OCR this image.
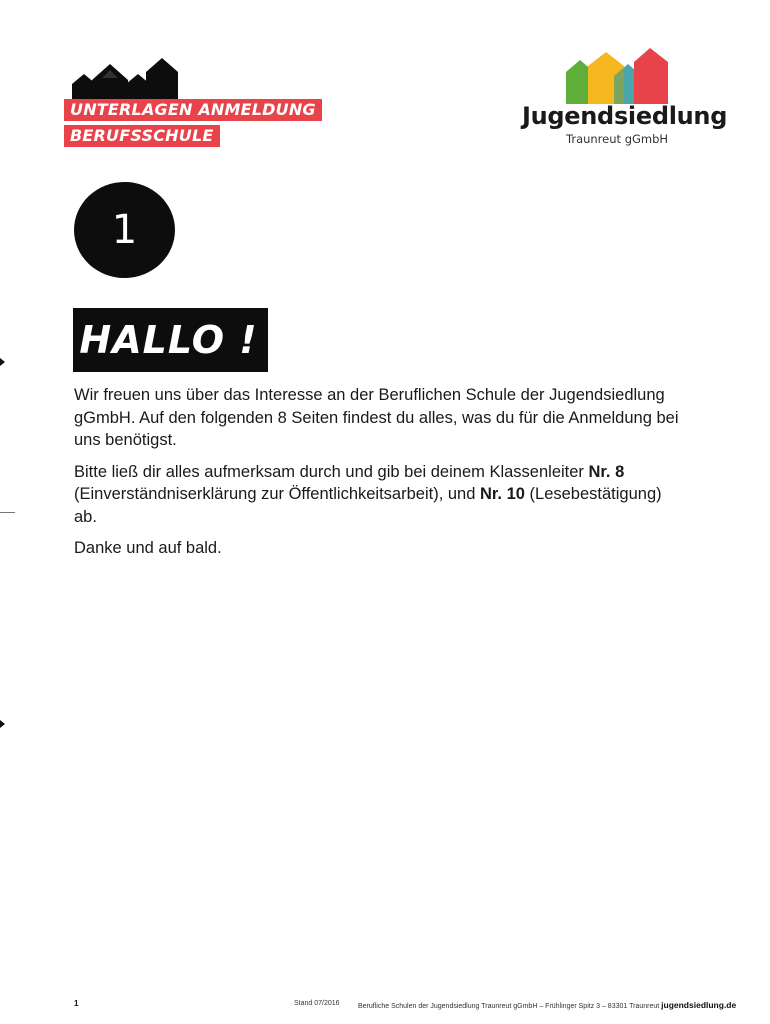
UNTERLAGEN ANMELDUNG
BERUFSSCHULE
Jugendsiedlung
Traunreut gGmbH
1
HALLO !

Wir freuen uns über das Interesse an der Beruflichen Schule der Jugendsiedlung gGmbH. Auf den folgenden 8 Seiten findest du alles, was du für die Anmeldung bei uns benötigst.

Bitte ließ dir alles aufmerksam durch und gib bei deinem Klassenleiter Nr. 8 (Einverständniserklärung zur Öffentlichkeitsarbeit), und Nr. 10 (Lesebestätigung) ab.

Danke und auf bald.

1	Stand 07/2016	Berufliche Schulen der Jugendsiedlung Traunreut gGmbH – Frühlinger Spitz 3 – 83301 Traunreut jugendsiedlung.de
